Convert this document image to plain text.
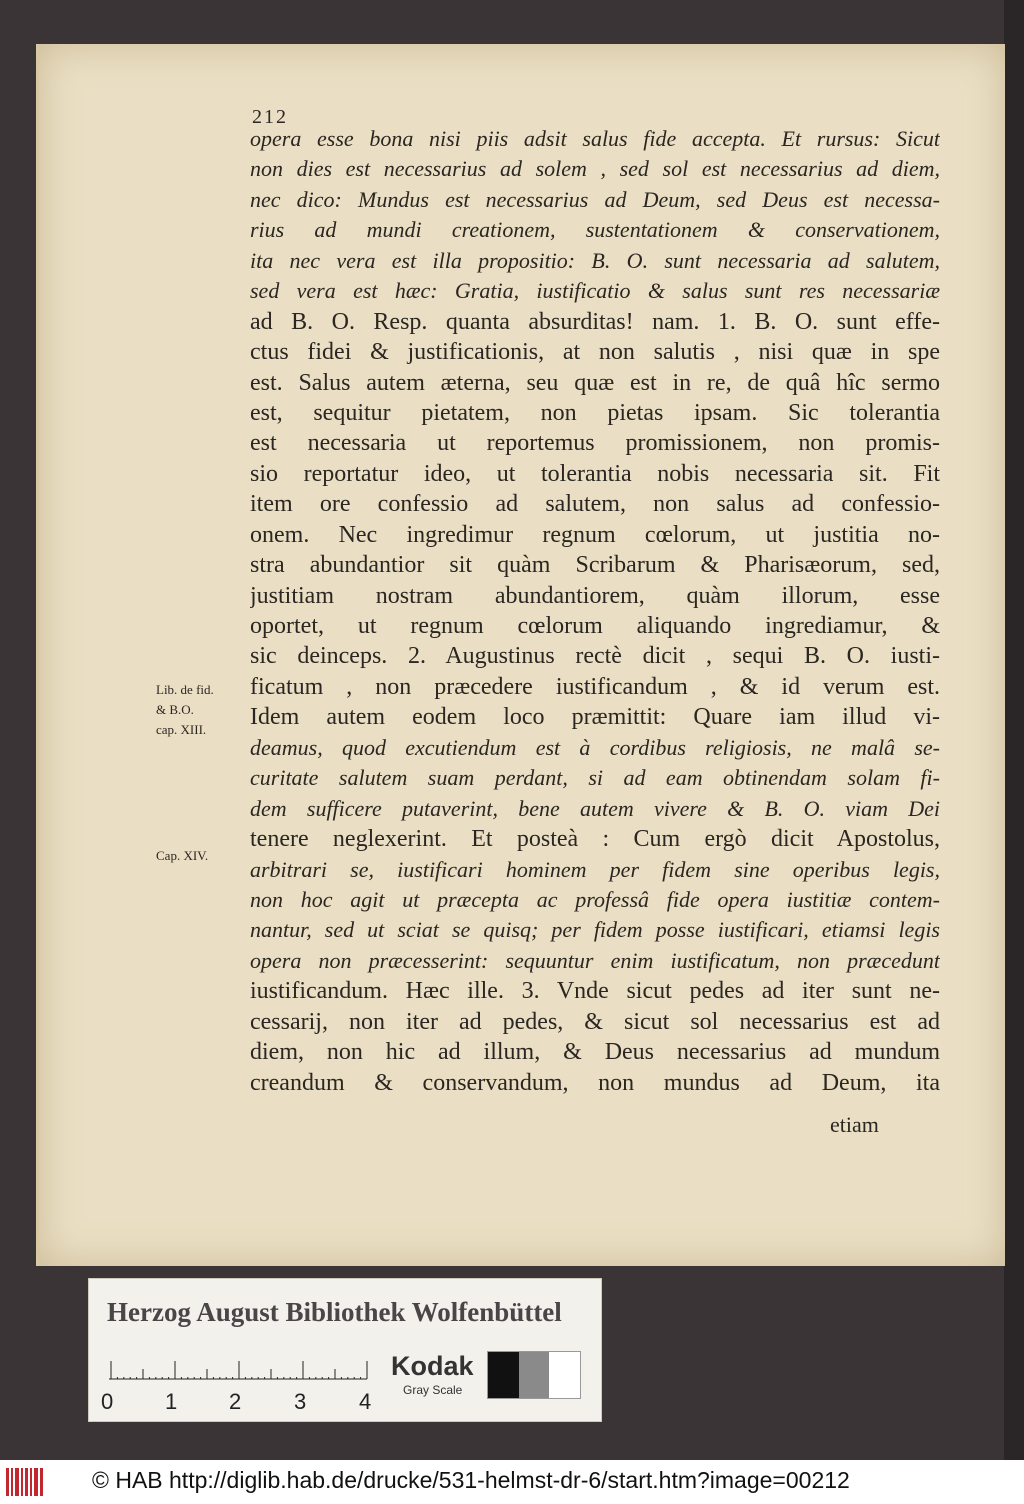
212
opera esse bona nisi piis adsit salus fide accepta. Et rursus: Sicut
non dies est necessarius ad solem , sed sol est necessarius ad diem,
nec dico: Mundus est necessarius ad Deum, sed Deus est necessa-
rius ad mundi creationem, sustentationem & conservationem,
ita nec vera est illa propositio: B. O. sunt necessaria ad salutem,
sed vera est hæc: Gratia, iustificatio & salus sunt res necessariæ
ad B. O. Resp. quanta absurditas! nam. 1. B. O. sunt effe-
ctus fidei & justificationis, at non salutis , nisi quæ in spe
est. Salus autem æterna, seu quæ est in re, de quâ hîc sermo
est, sequitur pietatem, non pietas ipsam. Sic tolerantia
est necessaria ut reportemus promissionem, non promis-
sio reportatur ideo, ut tolerantia nobis necessaria sit. Fit
item ore confessio ad salutem, non salus ad confessio-
onem. Nec ingredimur regnum cœlorum, ut justitia no-
stra abundantior sit quàm Scribarum & Pharisæorum, sed,
justitiam nostram abundantiorem, quàm illorum, esse
oportet, ut regnum cœlorum aliquando ingrediamur, &
sic deinceps. 2. Augustinus rectè dicit , sequi B. O. iusti-
ficatum , non præcedere iustificandum , & id verum est.
Idem autem eodem loco præmittit: Quare iam illud vi-
deamus, quod excutiendum est à cordibus religiosis, ne malâ se-
curitate salutem suam perdant, si ad eam obtinendam solam fi-
dem sufficere putaverint, bene autem vivere & B. O. viam Dei
tenere neglexerint. Et posteà : Cum ergò dicit Apostolus,
arbitrari se, iustificari hominem per fidem sine operibus legis,
non hoc agit ut præcepta ac professâ fide opera iustitiæ contem-
nantur, sed ut sciat se quisq; per fidem posse iustificari, etiamsi legis
opera non præcesserint: sequuntur enim iustificatum, non præcedunt
iustificandum. Hæc ille. 3. Vnde sicut pedes ad iter sunt ne-
cessarij, non iter ad pedes, & sicut sol necessarius est ad
diem, non hic ad illum, & Deus necessarius ad mundum
creandum & conservandum, non mundus ad Deum, ita
etiam
Lib. de fid.
& B.O.
cap. XIII.
Cap. XIV.
Herzog August Bibliothek Wolfenbüttel
0 1 2 3 4
Kodak
Gray Scale
© HAB http://diglib.hab.de/drucke/531-helmst-dr-6/start.htm?image=00212
